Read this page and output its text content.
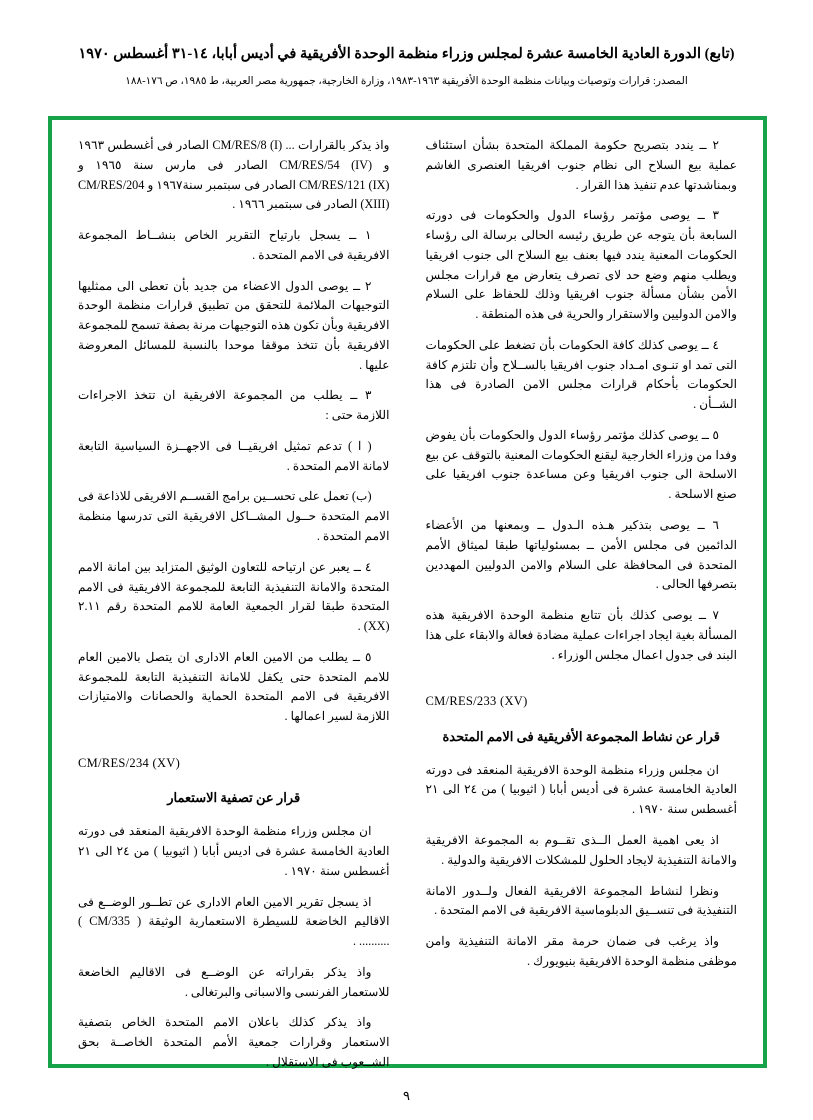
(تابع) الدورة العادية الخامسة عشرة لمجلس وزراء منظمة الوحدة الأفريقية في أديس أبابا، ١٤-٣١ أغسطس ١٩٧٠
المصدر: قرارات وتوصيات وبيانات منظمة الوحدة الأفريقية ١٩٦٣-١٩٨٣، وزارة الخارجية، جمهورية مصر العربية، ط ١٩٨٥، ص ١٧٦-١٨٨

٢ ــ يندد بتصريح حكومة المملكة المتحدة بشأن استئناف عملية بيع السلاح الى نظام جنوب افريقيا العنصرى الغاشم وبمناشدتها عدم تنفيذ هذا القرار .

٣ ــ يوصى مؤتمر رؤساء الدول والحكومات فى دورته السابعة بأن يتوجه عن طريق رئيسه الحالى برسالة الى رؤساء الحكومات المعنية يندد فيها بعنف بيع السلاح الى جنوب افريقيا ويطلب منهم وضع حد لاى تصرف يتعارض مع قرارات مجلس الأمن بشأن مسألة جنوب افريقيا وذلك للحفاظ على السلام والامن الدوليين والاستقرار والحرية فى هذه المنطقة .

٤ ــ يوصى كذلك كافة الحكومات بأن تضغط على الحكومات التى تمد او تنـوى امـداد جنوب افريقيا بالســلاح وأن تلتزم كافة الحكومات بأحكام قرارات مجلس الامن الصادرة فى هذا الشــأن .

٥ ــ يوصى كذلك مؤتمر رؤساء الدول والحكومات بأن يفوض وفدا من وزراء الخارجية ليقنع الحكومات المعنية بالتوقف عن بيع الاسلحة الى جنوب افريقيا وعن مساعدة جنوب افريقيا على صنع الاسلحة .

٦ ــ يوصى بتذكير هـذه الـدول ــ وبمعنها من الأعضاء الدائمين فى مجلس الأمن ــ بمسئولياتها طبقا لميثاق الأمم المتحدة فى المحافظة على السلام والامن الدوليين المهددين بتصرفها الحالى .

٧ ــ يوصى كذلك بأن تتابع منظمة الوحدة الافريقية هذه المسألة بغية ايجاد اجراءات عملية مضادة فعالة والابقاء على هذا البند فى جدول اعمال مجلس الوزراء .

CM/RES/233 (XV)
قرار عن نشاط المجموعة الأفريقية فى الامم المتحدة

ان مجلس وزراء منظمة الوحدة الافريقية المنعقد فى دورته العادية الخامسة عشرة فى أديس أبابا ( اثيوبيا ) من ٢٤ الى ٢١ أغسطس سنة ١٩٧٠ .

اذ يعى اهمية العمل الــذى تقــوم به المجموعة الافريقية والامانة التنفيذية لايجاد الحلول للمشكلات الافريقية والدولية .

ونظرا لنشاط المجموعة الافريقية الفعال ولــدور الامانة التنفيذية فى تنســيق الدبلوماسية الافريقية فى الامم المتحدة .

واذ يرغب فى ضمان حرمة مقر الامانة التنفيذية وامن موظفى منظمة الوحدة الافريقية بنيويورك .

واذ يذكر بالقرارات ... CM/RES/8 (I) الصادر فى أغسطس ١٩٦٣ و CM/RES/54 (IV) الصادر فى مارس سنة ١٩٦٥ و CM/RES/121 (IX) الصادر فى سبتمبر سنة١٩٦٧ و CM/RES/204 (XIII) الصادر فى سبتمبر ١٩٦٦ .

١ ــ يسجل بارتياح التقرير الخاص بنشــاط المجموعة الافريقية فى الامم المتحدة .

٢ ــ يوصى الدول الاعضاء من جديد بأن تعطى الى ممثليها التوجيهات الملائمة للتحقق من تطبيق قرارات منظمة الوحدة الافريقية وبأن تكون هذه التوجيهات مرنة بصفة تسمح للمجموعة الافريقية بأن تتخذ موقفا موحدا بالنسبة للمسائل المعروضة عليها .

٣ ــ يطلب من المجموعة الافريقية ان تتخذ الاجراءات اللازمة حتى :

( ا ) تدعم تمثيل افريقيــا فى الاجهــزة السياسية التابعة لامانة الامم المتحدة .

(ب) تعمل على تحســين برامج القســم الافريقى للاذاعة فى الامم المتحدة حــول المشــاكل الافريقية التى تدرسها منظمة الامم المتحدة .

٤ ــ يعبر عن ارتياحه للتعاون الوثيق المتزايد بين امانة الامم المتحدة والامانة التنفيذية التابعة للمجموعة الافريقية فى الامم المتحدة طبقا لقرار الجمعية العامة للامم المتحدة رقم ٢.١١ (XX) .

٥ ــ يطلب من الامين العام الادارى ان يتصل بالامين العام للامم المتحدة حتى يكفل للامانة التنفيذية التابعة للمجموعة الافريقية فى الامم المتحدة الحماية والحصانات والامتيازات اللازمة لسير اعمالها .

CM/RES/234 (XV)
قرار عن تصفية الاستعمار

ان مجلس وزراء منظمة الوحدة الافريقية المنعقد فى دورته العادية الخامسة عشرة فى اديس أبابا ( اثيوبيا ) من ٢٤ الى ٢١ أغسطس سنة ١٩٧٠ .

اذ يسجل تقرير الامين العام الادارى عن تطــور الوضــع فى الاقاليم الخاضعة للسيطرة الاستعمارية الوثيقة ( CM/335 ) .......... .

واذ يذكر بقراراته عن الوضــع فى الاقاليم الخاضعة للاستعمار الفرنسى والاسبانى والبرتغالى .

واذ يذكر كذلك باعلان الامم المتحدة الخاص بتصفية الاستعمار وقرارات جمعية الأمم المتحدة الخاصــة بحق الشــعوب فى الاستقلال .

٩
